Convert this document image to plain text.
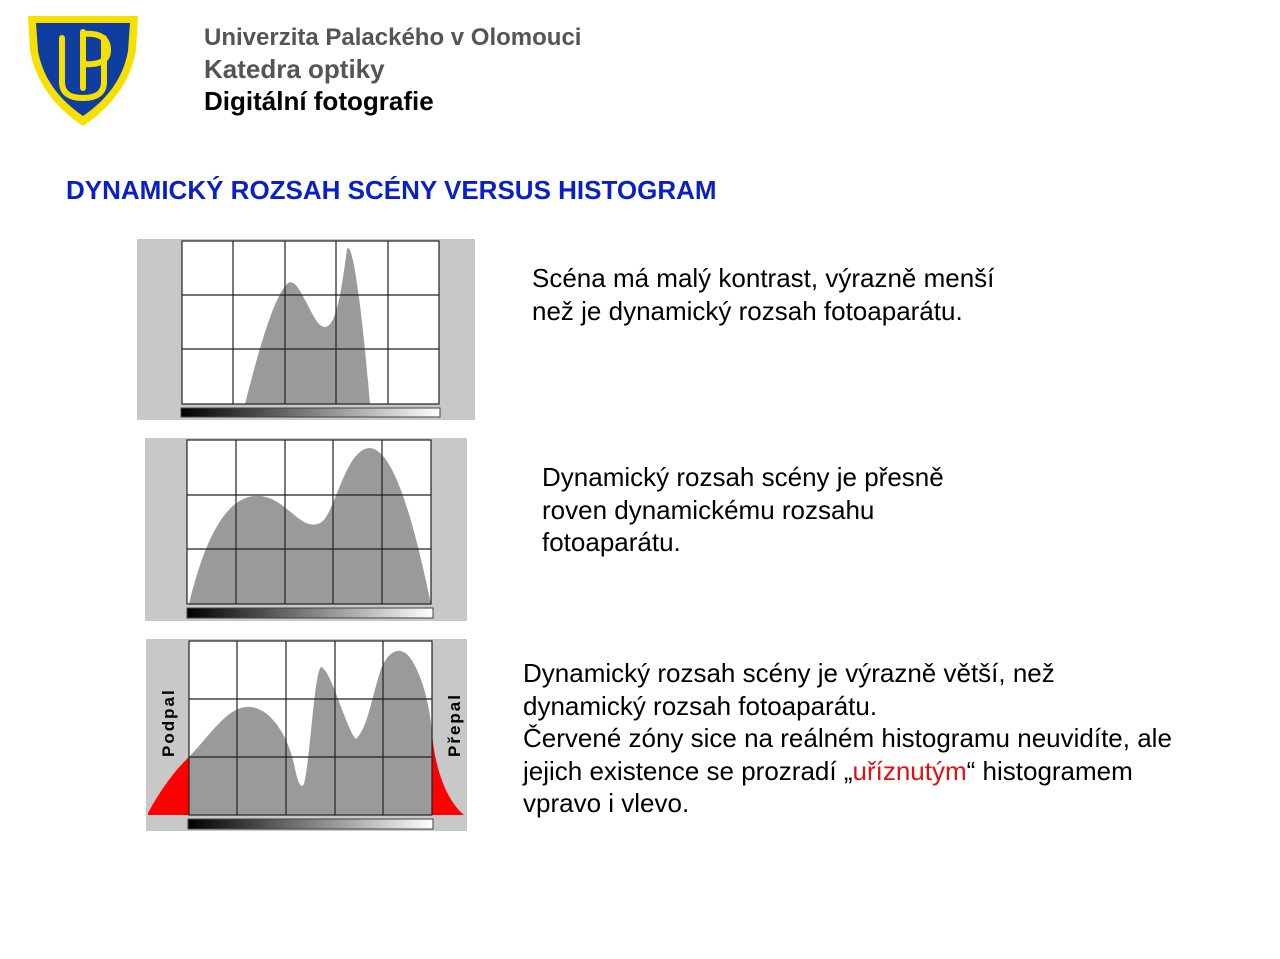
Univerzita Palackého v Olomouci
Katedra optiky
Digitální fotografie
DYNAMICKÝ ROZSAH SCÉNY VERSUS HISTOGRAM
Podpal	Přepal

Scéna má malý kontrast, výrazně menší
než je dynamický rozsah fotoaparátu.

Dynamický rozsah scény je přesně
roven dynamickému rozsahu
fotoaparátu.

Dynamický rozsah scény je výrazně větší, než
dynamický rozsah fotoaparátu.
Červené zóny sice na reálném histogramu neuvidíte, ale
jejich existence se prozradí „uříznutým“ histogramem
vpravo i vlevo.
